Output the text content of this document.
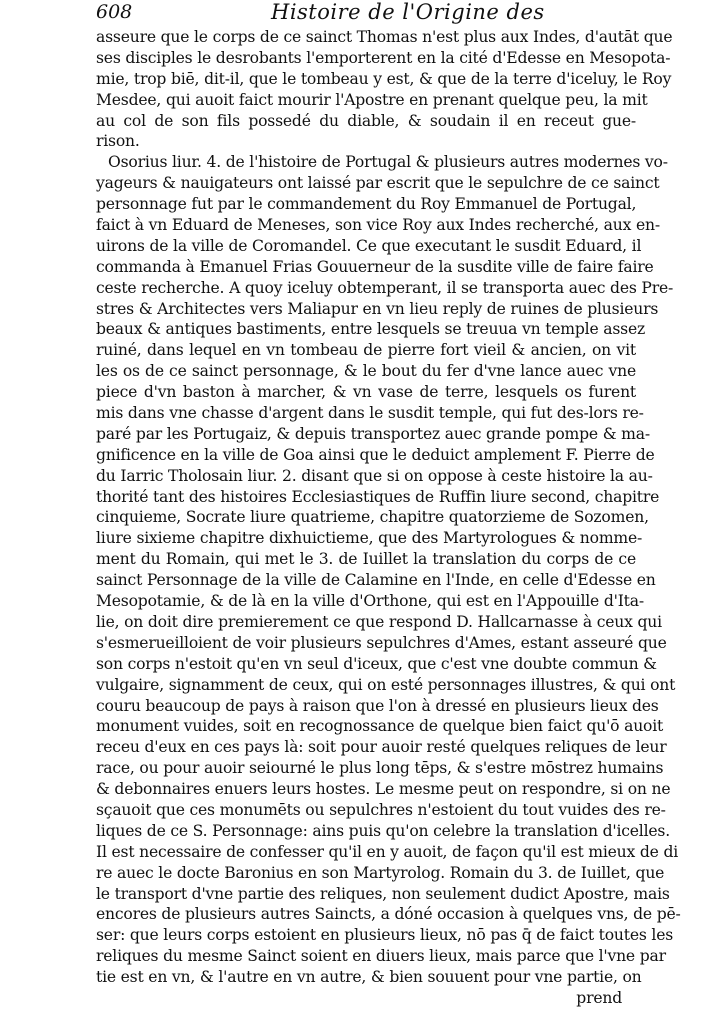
608	Histoire de l'Origine des
asseure que le corps de ce sainct Thomas n'est plus aux Indes, d'autāt que
ses disciples le desrobants l'emporterent en la cité d'Edesse en Mesopota-
mie, trop biē, dit-il, que le tombeau y est, & que de la terre d'iceluy, le Roy
Mesdee, qui auoit faict mourir l'Apostre en prenant quelque peu, la mit
au col de son fils possedé du diable, & soudain il en receut gue-
rison.
Osorius liur. 4. de l'histoire de Portugal & plusieurs autres modernes vo-
yageurs & nauigateurs ont laissé par escrit que le sepulchre de ce sainct
personnage fut par le commandement du Roy Emmanuel de Portugal,
faict à vn Eduard de Meneses, son vice Roy aux Indes recherché, aux en-
uirons de la ville de Coromandel. Ce que executant le susdit Eduard, il
commanda à Emanuel Frias Gouuerneur de la susdite ville de faire faire
ceste recherche. A quoy iceluy obtemperant, il se transporta auec des Pre-
stres & Architectes vers Maliapur en vn lieu reply de ruines de plusieurs
beaux & antiques bastiments, entre lesquels se treuua vn temple assez
ruiné, dans lequel en vn tombeau de pierre fort vieil & ancien, on vit
les os de ce sainct personnage, & le bout du fer d'vne lance auec vne
piece d'vn baston à marcher, & vn vase de terre, lesquels os furent
mis dans vne chasse d'argent dans le susdit temple, qui fut des-lors re-
paré par les Portugaiz, & depuis transportez auec grande pompe & ma-
gnificence en la ville de Goa ainsi que le deduict amplement F. Pierre de
du Iarric Tholosain liur. 2. disant que si on oppose à ceste histoire la au-
thorité tant des histoires Ecclesiastiques de Ruffin liure second, chapitre
cinquieme, Socrate liure quatrieme, chapitre quatorzieme de Sozomen,
liure sixieme chapitre dixhuictieme, que des Martyrologues & nomme-
ment du Romain, qui met le 3. de Iuillet la translation du corps de ce
sainct Personnage de la ville de Calamine en l'Inde, en celle d'Edesse en
Mesopotamie, & de là en la ville d'Orthone, qui est en l'Appouille d'Ita-
lie, on doit dire premierement ce que respond D. Hallcarnasse à ceux qui
s'esmerueilloient de voir plusieurs sepulchres d'Ames, estant asseuré que
son corps n'estoit qu'en vn seul d'iceux, que c'est vne doubte commun &
vulgaire, signamment de ceux, qui on esté personnages illustres, & qui ont
couru beaucoup de pays à raison que l'on à dressé en plusieurs lieux des
monument vuides, soit en recognossance de quelque bien faict qu'ō auoit
receu d'eux en ces pays là: soit pour auoir resté quelques reliques de leur
race, ou pour auoir seiourné le plus long tēps, & s'estre mōstrez humains
& debonnaires enuers leurs hostes. Le mesme peut on respondre, si on ne
sçauoit que ces monumēts ou sepulchres n'estoient du tout vuides des re-
liques de ce S. Personnage: ains puis qu'on celebre la translation d'icelles.
Il est necessaire de confesser qu'il en y auoit, de façon qu'il est mieux de di
re auec le docte Baronius en son Martyrolog. Romain du 3. de Iuillet, que
le transport d'vne partie des reliques, non seulement dudict Apostre, mais
encores de plusieurs autres Saincts, a dóné occasion à quelques vns, de pē-
ser: que leurs corps estoient en plusieurs lieux, nō pas q̄ de faict toutes les
reliques du mesme Sainct soient en diuers lieux, mais parce que l'vne par
tie est en vn, & l'autre en vn autre, & bien souuent pour vne partie, on
prend
